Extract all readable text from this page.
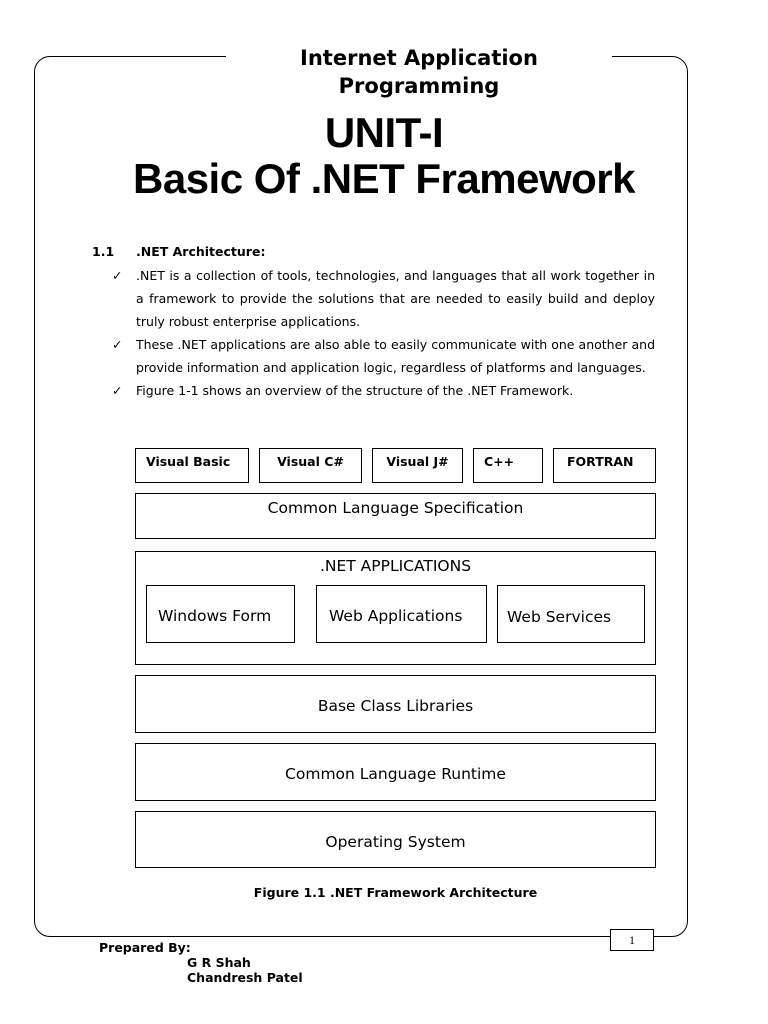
Internet Application Programming
UNIT-I
Basic Of .NET Framework
1.1 .NET Architecture:
✓ .NET is a collection of tools, technologies, and languages that all work together in a framework to provide the solutions that are needed to easily build and deploy truly robust enterprise applications.
✓ These .NET applications are also able to easily communicate with one another and provide information and application logic, regardless of platforms and languages.
✓ Figure 1-1 shows an overview of the structure of the .NET Framework.
Visual Basic	Visual C#	Visual J#	C++	FORTRAN
Common Language Specification
.NET APPLICATIONS
Windows Form	Web Applications	Web Services
Base Class Libraries
Common Language Runtime
Operating System
Figure 1.1 .NET Framework Architecture
1
Prepared By:
G R Shah
Chandresh Patel
